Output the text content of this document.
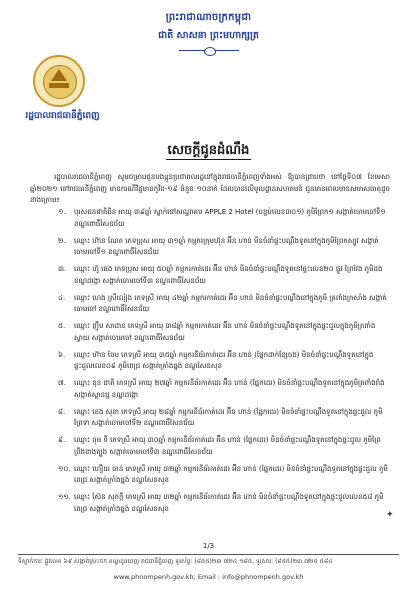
ព្រះរាជាណាចក្រកម្ពុជា
ជាតិ សាសនា ព្រះមហាក្សត្រ
រដ្ឋបាលរាជធានីភ្នំពេញ
សេចក្តីជូនដំណឹង
រដ្ឋបាលរាជធានីភ្នំពេញ សូមជម្រាបជូនបងប្អូនប្រជាពលរដ្ឋនៅក្នុងរាជធានីភ្នំពេញទាំងអស់ ឱ្យបានជ្រាបថា នៅថ្ងៃទី០៧ ខែមេសា ឆ្នាំ២០២១ នៅរាជធានីភ្នំពេញ មានករណីវិជ្ជមានកូវីដ-១៩ ចំនួន ១០នាក់ ដែលបានលើមូលដ្ឋានសហគមន៍ ជូនមានពេលមានសមាសធាតុដូចខាងក្រោម៖
១. បុរសជនជាតិចិន អាយុ ៣៩ឆ្នាំ ស្នាក់នៅសណ្ឋាគារ APPLE 2 Hotel (បន្ទប់លេខ៣០១) ភូមិព្រែក១ សង្កាត់ចោមចៅទី១ ខណ្ឌពោធិ៍សែនជ័យ
២. ឈ្មោះ ហ៊ាន ណែត ភេទប្រុស អាយុ ៣១ឆ្នាំ កម្មករក្រុមហ៊ុន អ៊ីន ហាន់ មិនចំនាំផ្ទះបណ្ដឹងទូតនៅក្នុងភូមិព្រែកស្បូវ សង្កាត់ចោមចៅទី១ ខណ្ឌពោធិ៍សែនជ័យ
៣. ឈ្មោះ ហ៊ូ ធេង ភេទប្រុស អាយុ ៥០ឆ្នាំ កម្មករកាត់ដេរ អ៊ីន ហាន់ មិនចំនាំផ្ទះបណ្ដឹងទូតនៅផ្ទះលេខ២០ ផ្លូវ ព្រៃវែង ភូមិដង ខណ្ឌដង្កោ សង្កាត់ចោមចៅទី៣ ខណ្ឌពោធិ៍សែនជ័យ
៤. ឈ្មោះ ហេង ស្រីលៀង ភេទស្រី អាយុ ៤២ឆ្នាំ កម្មករកាត់ដេរ អ៊ីន ហាន់ មិនចំនាំផ្ទះបណ្ដឹងនៅក្នុងភូមិ ត្រពាំងក្រសាំង សង្កាត់ចោមចៅ ខណ្ឌពោធិ៍សែនជ័យ
៥. ឈ្មោះ ញ៉ឹម សាដាន ភេទស្រី អាយុ ៣៨ឆ្នាំ កម្មករកាត់ដេរ អ៊ីន ហាន់ មិនចំនាំផ្ទះបណ្ដឹងទូតនៅក្នុងផ្ទះជួលក្នុងភូមិត្រពាំងស្វាយ សង្កាត់ចោមចៅ ខណ្ឌពោធិ៍សែនជ័យ
៦. ឈ្មោះ ហ៊ាន ចែប ភេទស្រី អាយុ ៣៥ឆ្នាំ កម្មករនីធ័រកាត់ដេរ អ៊ីន ហាន់ (ផ្នែកដាក់ខ្សែចង) មិនចំនាំផ្ទះបណ្ដឹងទូតនៅក្នុងផ្ទះជួលលេខ០៩ ភូមិពេជ្រ សង្កាត់ក្រាំងធ្នង់ ខណ្ឌសែនសុខ
៧. ឈ្មោះ ខុន ជាតិ ភេទស្រី អាយុ ២៧ឆ្នាំ កម្មករនីធ័រកាត់ដេរ អ៊ីន ហាន់ (ផ្នែកដេរ) មិនចំនាំផ្ទះបណ្ដឹងទូតនៅក្នុងភូមិត្រពាំងរាំង សង្កាត់ស្ពានថ្ម ខណ្ឌដង្កោ
៨. ឈ្មោះ ខេង សុខា ភេទស្រី អាយុ ២៨ឆ្នាំ កម្មករនីធ័រកាត់ដេរ អ៊ីន ហាន់ (ផ្នែកដេរ) មិនចំនាំផ្ទះបណ្ដឹងទូតនៅក្នុងផ្ទះជួល ភូមិព្រៃទា សង្កាត់ចោមចៅទី២ ខណ្ឌពោធិ៍សែនជ័យ
៩. ឈ្មោះ ចុម ទី ភេទស្រី អាយុ ៣០ឆ្នាំ កម្មករនីធ័រកាត់ដេរ អ៊ីន ហាន់ (ផ្នែកដេរ) មិនចំនាំផ្ទះបណ្ដឹងទូតនៅក្នុងផ្ទះជួល ភូមិព្រៃព្រីងខាងត្បូង សង្កាត់ចោមចៅទី៣ ខណ្ឌពោធិ៍សែនជ័យ
១០. ឈ្មោះ ហឿយ ចាន់ ភេទស្រី អាយុ ៣២ឆ្នាំ កម្មករនីធ័រកាត់ដេរ អ៊ីន ហាន់ (ផ្នែកដេរ) មិនចំនាំផ្ទះបណ្ដឹងទូតនៅក្នុងផ្ទះជួល ភូមិពេជ្រ សង្កាត់ក្រាំងធ្នង់ ខណ្ឌសែនសុខ
១១. ឈ្មោះ ស៊ែន សុភក្ដី ភេទស្រី អាយុ ៣២ឆ្នាំ កម្មករនីធ័រកាត់ដេរ អ៊ីន ហាន់ មិនចំនាំផ្ទះបណ្ដឹងទូតនៅក្នុងផ្ទះជួលលេខ៥៨ ភូមិពេជ្រ សង្កាត់ក្រាំងធ្នង់ ខណ្ឌសែនសុខ
✦
1/3
ទីស្នាក់ការៈ ផ្លូវលេខ ៦៩ សង្កាត់ស្រះចក ខណ្ឌដូនពេញ រាជធានីភ្នំពេញ ទូរស័ព្ទ: (៨៥៥)២៣ ៧២៤ ១៨៥, ទូរសារ: (៨៥៥)២៣ ៧២៥ ៥៨៤
www.phnompenh.gov.kh; Email : info@phnompenh.gov.kh
